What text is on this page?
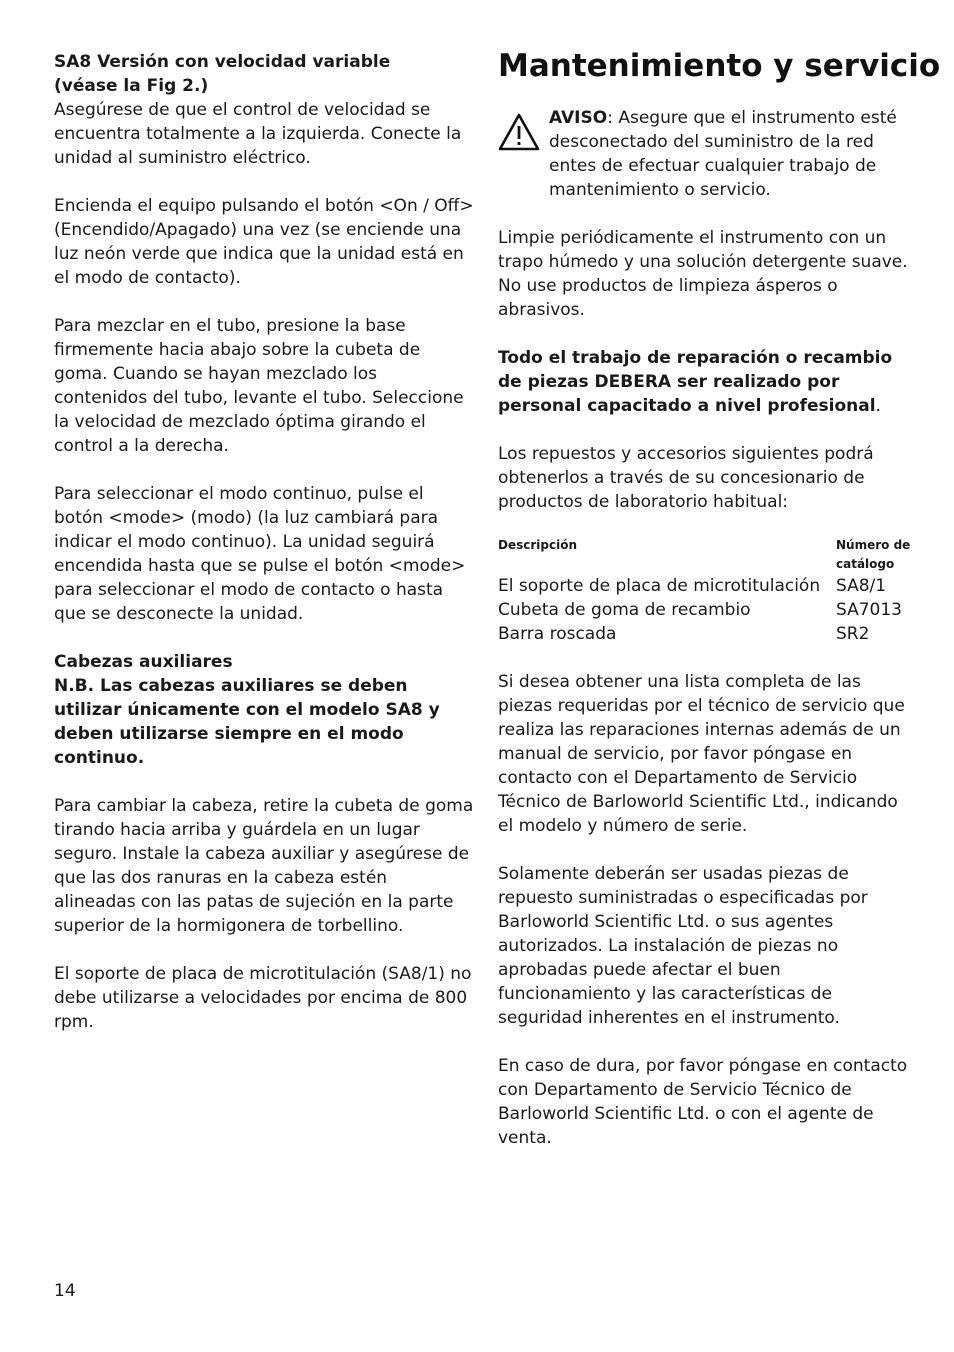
SA8 Versión con velocidad variable
(véase la Fig 2.)

Asegúrese de que el control de velocidad se encuentra totalmente a la izquierda. Conecte la unidad al suministro eléctrico.

Encienda el equipo pulsando el botón <On / Off> (Encendido/Apagado) una vez (se enciende una luz neón verde que indica que la unidad está en el modo de contacto).

Para mezclar en el tubo, presione la base firmemente hacia abajo sobre la cubeta de goma. Cuando se hayan mezclado los contenidos del tubo, levante el tubo. Seleccione la velocidad de mezclado óptima girando el control a la derecha.

Para seleccionar el modo continuo, pulse el botón <mode> (modo) (la luz cambiará para indicar el modo continuo). La unidad seguirá encendida hasta que se pulse el botón <mode> para seleccionar el modo de contacto o hasta que se desconecte la unidad.

Cabezas auxiliares

N.B. Las cabezas auxiliares se deben utilizar únicamente con el modelo SA8 y deben utilizarse siempre en el modo continuo.

Para cambiar la cabeza, retire la cubeta de goma tirando hacia arriba y guárdela en un lugar seguro. Instale la cabeza auxiliar y asegúrese de que las dos ranuras en la cabeza estén alineadas con las patas de sujeción en la parte superior de la hormigonera de torbellino.

El soporte de placa de microtitulación (SA8/1) no debe utilizarse a velocidades por encima de 800 rpm.

Mantenimiento y servicio

AVISO: Asegure que el instrumento esté desconectado del suministro de la red entes de efectuar cualquier trabajo de mantenimiento o servicio.

Limpie periódicamente el instrumento con un trapo húmedo y una solución detergente suave. No use productos de limpieza ásperos o abrasivos.

Todo el trabajo de reparación o recambio de piezas DEBERA ser realizado por personal capacitado a nivel profesional.

Los repuestos y accesorios siguientes podrá obtenerlos a través de su concesionario de productos de laboratorio habitual:

Descripción	Número de catálogo
El soporte de placa de microtitulación	SA8/1
Cubeta de goma de recambio	SA7013
Barra roscada	SR2

Si desea obtener una lista completa de las piezas requeridas por el técnico de servicio que realiza las reparaciones internas además de un manual de servicio, por favor póngase en contacto con el Departamento de Servicio Técnico de Barloworld Scientific Ltd., indicando el modelo y número de serie.

Solamente deberán ser usadas piezas de repuesto suministradas o especificadas por Barloworld Scientific Ltd. o sus agentes autorizados. La instalación de piezas no aprobadas puede afectar el buen funcionamiento y las características de seguridad inherentes en el instrumento.

En caso de dura, por favor póngase en contacto con Departamento de Servicio Técnico de Barloworld Scientific Ltd. o con el agente de venta.

14
